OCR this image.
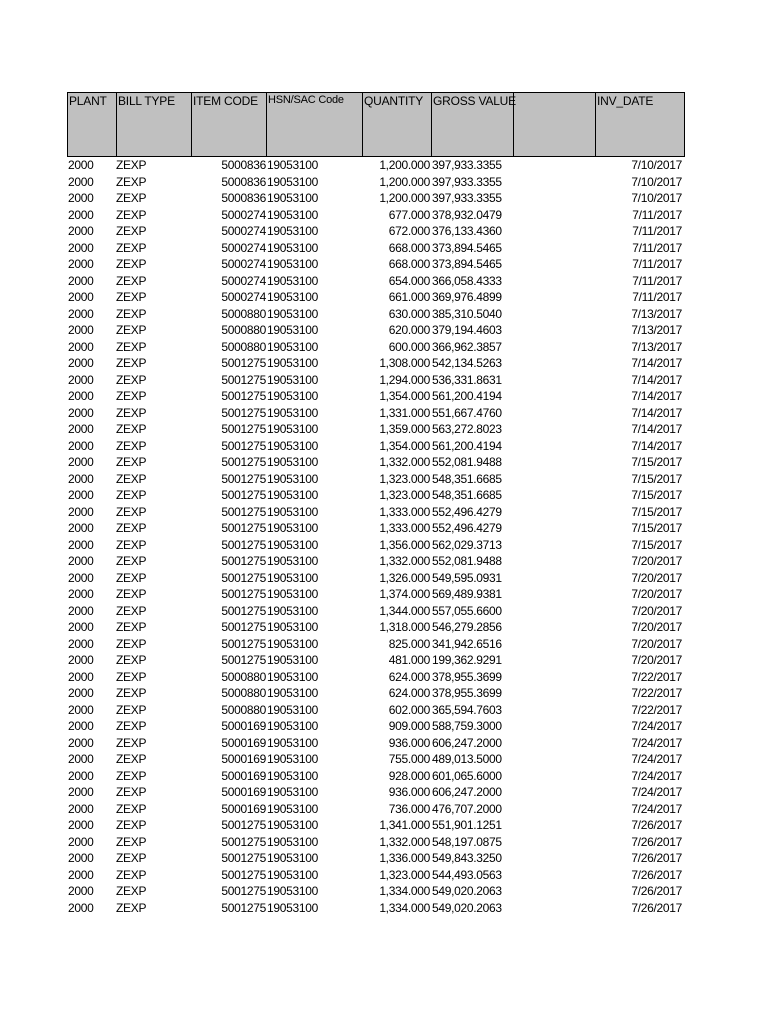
PLANT BILL TYPE	ITEM CODE HSN/SAC Code	QUANTITY GROSS VALUE	INV_DATE
2000 ZEXP	5000836 19053100	1,200.000 397,933.3355	7/10/2017
2000 ZEXP	5000836 19053100	1,200.000 397,933.3355	7/10/2017
2000 ZEXP	5000836 19053100	1,200.000 397,933.3355	7/10/2017
2000 ZEXP	5000274 19053100	677.000 378,932.0479	7/11/2017
2000 ZEXP	5000274 19053100	672.000 376,133.4360	7/11/2017
2000 ZEXP	5000274 19053100	668.000 373,894.5465	7/11/2017
2000 ZEXP	5000274 19053100	668.000 373,894.5465	7/11/2017
2000 ZEXP	5000274 19053100	654.000 366,058.4333	7/11/2017
2000 ZEXP	5000274 19053100	661.000 369,976.4899	7/11/2017
2000 ZEXP	5000880 19053100	630.000 385,310.5040	7/13/2017
2000 ZEXP	5000880 19053100	620.000 379,194.4603	7/13/2017
2000 ZEXP	5000880 19053100	600.000 366,962.3857	7/13/2017
2000 ZEXP	5001275 19053100	1,308.000 542,134.5263	7/14/2017
2000 ZEXP	5001275 19053100	1,294.000 536,331.8631	7/14/2017
2000 ZEXP	5001275 19053100	1,354.000 561,200.4194	7/14/2017
2000 ZEXP	5001275 19053100	1,331.000 551,667.4760	7/14/2017
2000 ZEXP	5001275 19053100	1,359.000 563,272.8023	7/14/2017
2000 ZEXP	5001275 19053100	1,354.000 561,200.4194	7/14/2017
2000 ZEXP	5001275 19053100	1,332.000 552,081.9488	7/15/2017
2000 ZEXP	5001275 19053100	1,323.000 548,351.6685	7/15/2017
2000 ZEXP	5001275 19053100	1,323.000 548,351.6685	7/15/2017
2000 ZEXP	5001275 19053100	1,333.000 552,496.4279	7/15/2017
2000 ZEXP	5001275 19053100	1,333.000 552,496.4279	7/15/2017
2000 ZEXP	5001275 19053100	1,356.000 562,029.3713	7/15/2017
2000 ZEXP	5001275 19053100	1,332.000 552,081.9488	7/20/2017
2000 ZEXP	5001275 19053100	1,326.000 549,595.0931	7/20/2017
2000 ZEXP	5001275 19053100	1,374.000 569,489.9381	7/20/2017
2000 ZEXP	5001275 19053100	1,344.000 557,055.6600	7/20/2017
2000 ZEXP	5001275 19053100	1,318.000 546,279.2856	7/20/2017
2000 ZEXP	5001275 19053100	825.000 341,942.6516	7/20/2017
2000 ZEXP	5001275 19053100	481.000 199,362.9291	7/20/2017
2000 ZEXP	5000880 19053100	624.000 378,955.3699	7/22/2017
2000 ZEXP	5000880 19053100	624.000 378,955.3699	7/22/2017
2000 ZEXP	5000880 19053100	602.000 365,594.7603	7/22/2017
2000 ZEXP	5000169 19053100	909.000 588,759.3000	7/24/2017
2000 ZEXP	5000169 19053100	936.000 606,247.2000	7/24/2017
2000 ZEXP	5000169 19053100	755.000 489,013.5000	7/24/2017
2000 ZEXP	5000169 19053100	928.000 601,065.6000	7/24/2017
2000 ZEXP	5000169 19053100	936.000 606,247.2000	7/24/2017
2000 ZEXP	5000169 19053100	736.000 476,707.2000	7/24/2017
2000 ZEXP	5001275 19053100	1,341.000 551,901.1251	7/26/2017
2000 ZEXP	5001275 19053100	1,332.000 548,197.0875	7/26/2017
2000 ZEXP	5001275 19053100	1,336.000 549,843.3250	7/26/2017
2000 ZEXP	5001275 19053100	1,323.000 544,493.0563	7/26/2017
2000 ZEXP	5001275 19053100	1,334.000 549,020.2063	7/26/2017
2000 ZEXP	5001275 19053100	1,334.000 549,020.2063	7/26/2017
